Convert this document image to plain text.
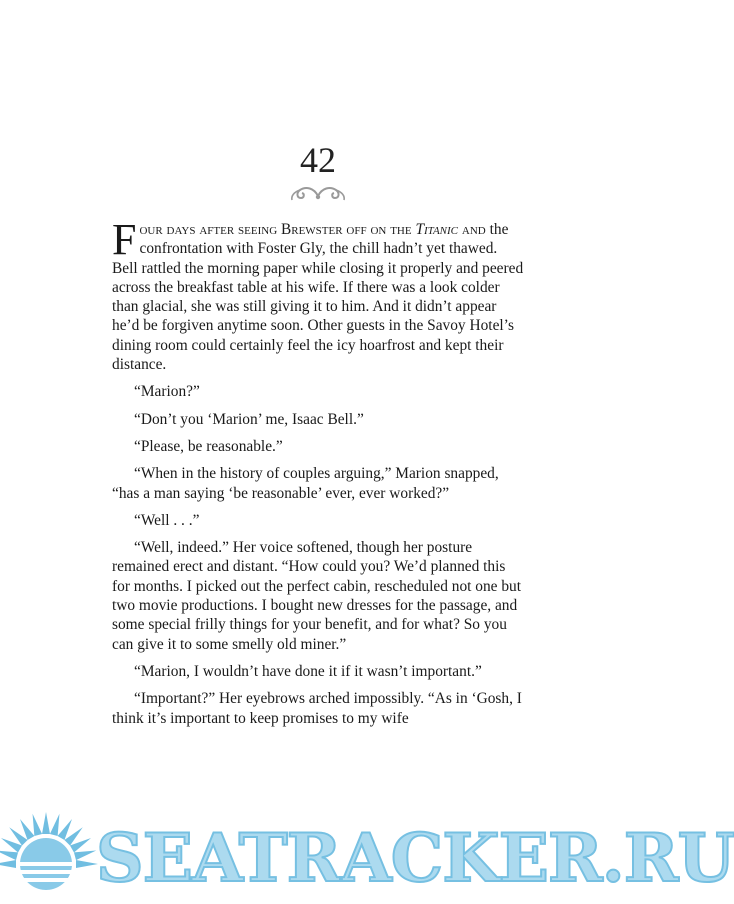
42

Four days after seeing Brewster off on the Titanic and the confrontation with Foster Gly, the chill hadn’t yet thawed. Bell rattled the morning paper while closing it properly and peered across the breakfast table at his wife. If there was a look colder than glacial, she was still giving it to him. And it didn’t appear he’d be forgiven anytime soon. Other guests in the Savoy Hotel’s dining room could certainly feel the icy hoarfrost and kept their distance.

“Marion?”

“Don’t you ‘Marion’ me, Isaac Bell.”

“Please, be reasonable.”

“When in the history of couples arguing,” Marion snapped, “has a man saying ‘be reasonable’ ever, ever worked?”

“Well . . .”

“Well, indeed.” Her voice softened, though her posture remained erect and distant. “How could you? We’d planned this for months. I picked out the perfect cabin, rescheduled not one but two movie productions. I bought new dresses for the passage, and some special frilly things for your benefit, and for what? So you can give it to some smelly old miner.”

“Marion, I wouldn’t have done it if it wasn’t important.”

“Important?” Her eyebrows arched impossibly. “As in ‘Gosh, I think it’s important to keep promises to my wife

SEATRACKER.RU
